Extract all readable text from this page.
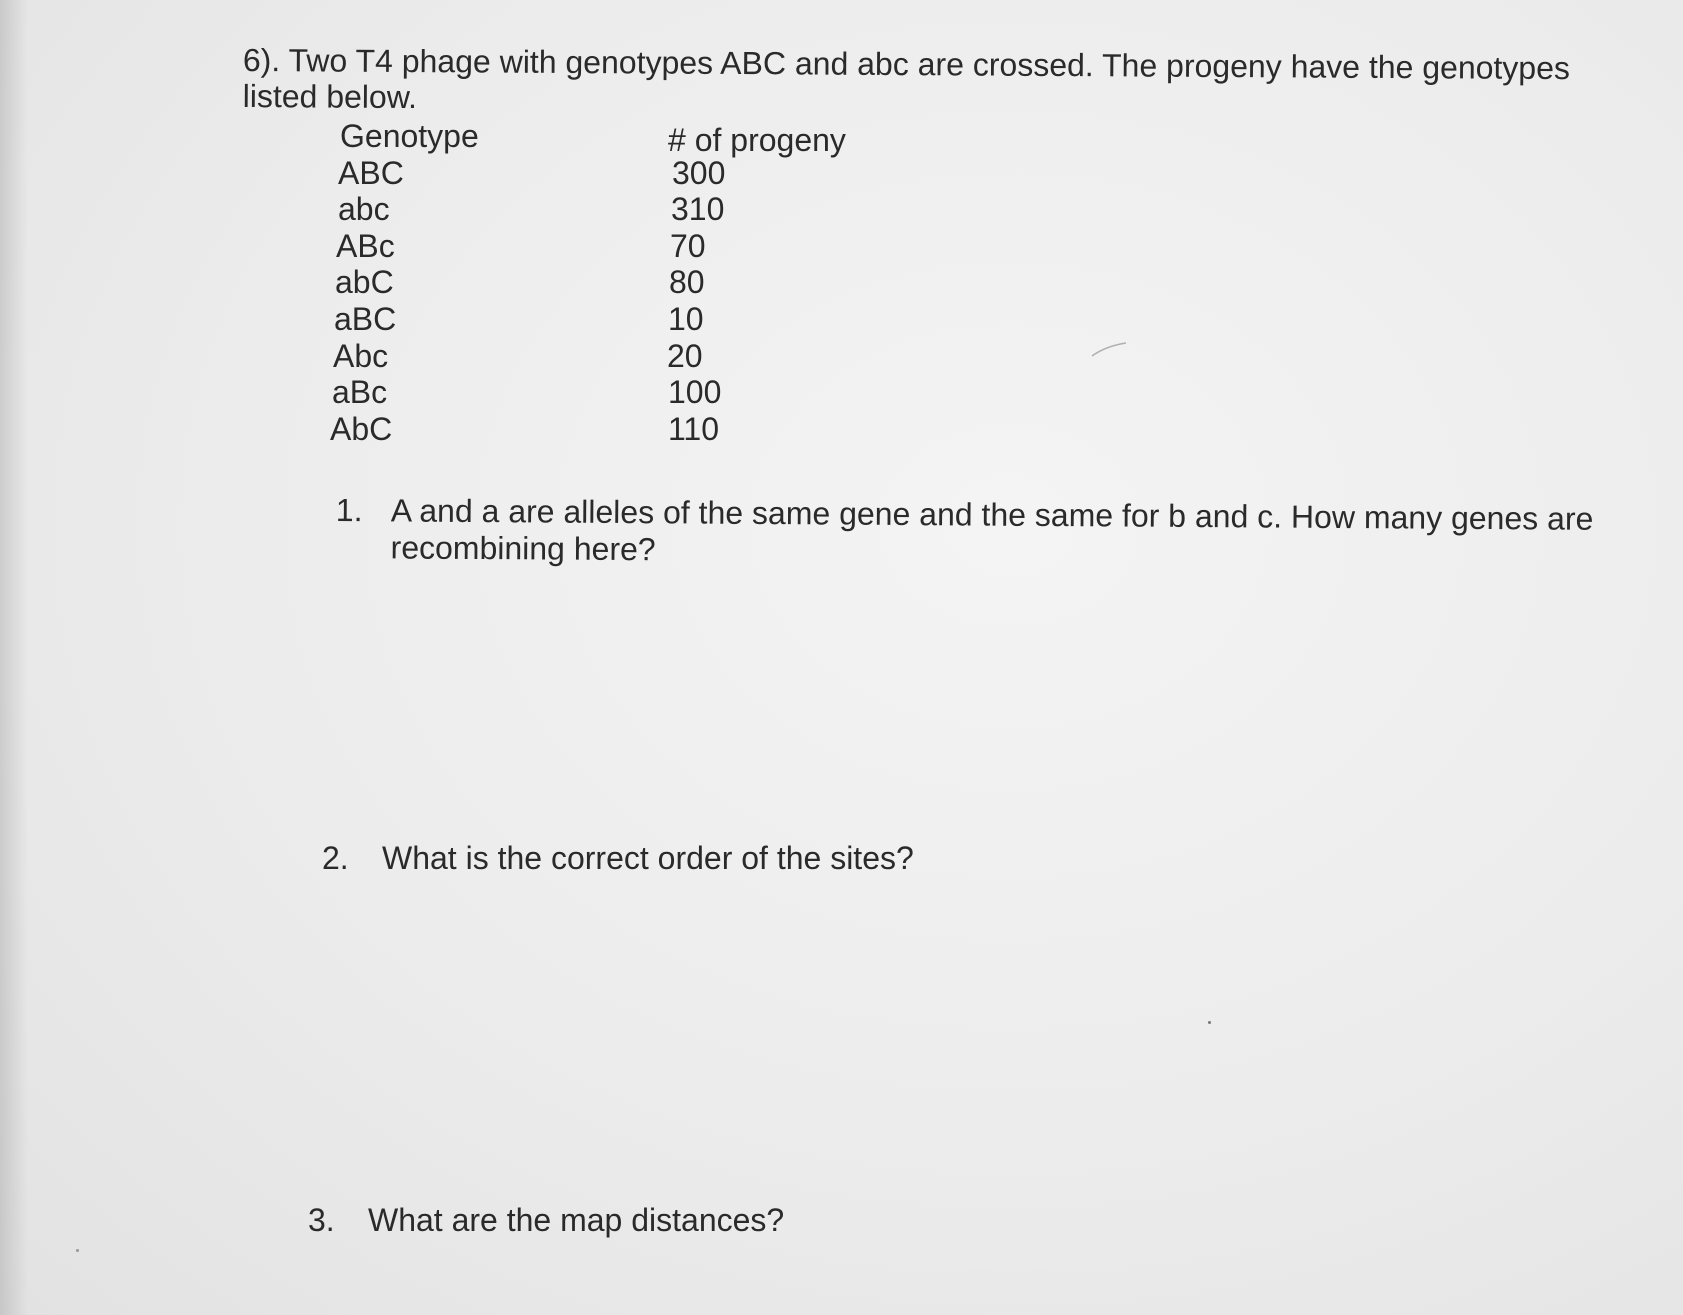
6). Two T4 phage with genotypes ABC and abc are crossed. The progeny have the genotypes listed below.
Genotype	# of progeny
ABC	300
abc	310
ABc	70
abC	80
aBC	10
Abc	20
aBc	100
AbC	110
1. A and a are alleles of the same gene and the same for b and c. How many genes are recombining here?
2. What is the correct order of the sites?
3. What are the map distances?
